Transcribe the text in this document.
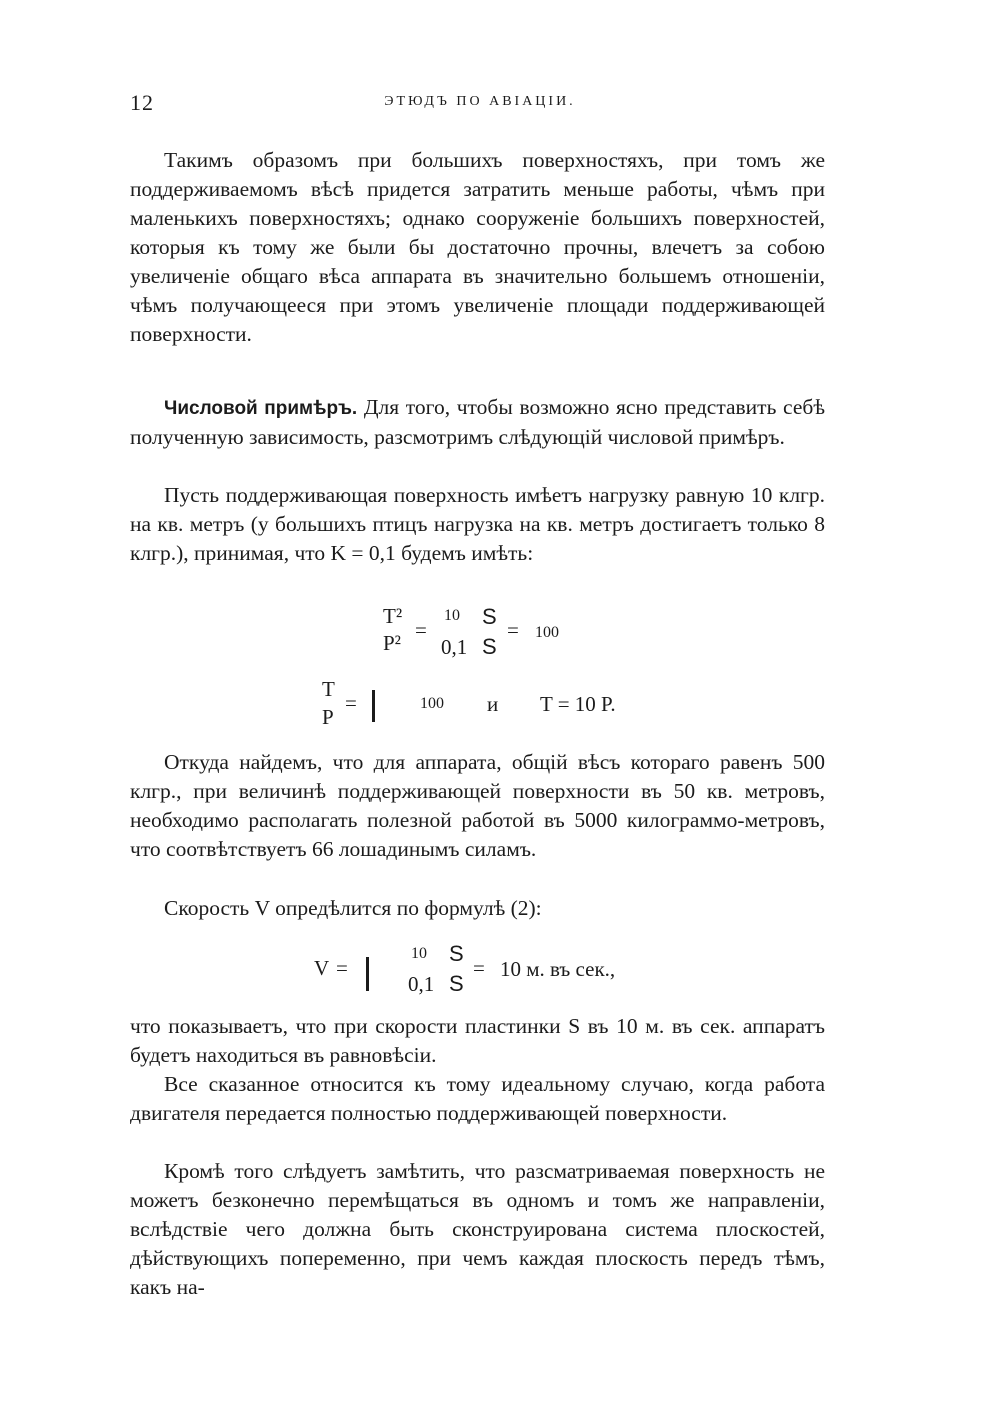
12	ЭТЮДЪ ПО АВІАЦІИ.
Такимъ образомъ при большихъ поверхностяхъ, при томъ же поддерживаемомъ вѣсѣ придется затратить меньше работы, чѣмъ при маленькихъ поверхностяхъ; однако сооруженіе большихъ поверхностей, которыя къ тому же были бы достаточно прочны, влечетъ за собою увеличеніе общаго вѣса аппарата въ значительно большемъ отношеніи, чѣмъ получающееся при этомъ увеличеніе площади поддерживающей поверхности.
Числовой примѣръ. Для того, чтобы возможно ясно представить себѣ полученную зависимость, разсмотримъ слѣдующій числовой примѣръ.
Пусть поддерживающая поверхность имѣетъ нагрузку равную 10 клгр. на кв. метръ (у большихъ птицъ нагрузка на кв. метръ достигаетъ только 8 клгр.), принимая, что K = 0,1 будемъ имѣть:
T²
P²
=
10
0,1
S
S
= 100
T
P
=	100 и T = 10 P.
Откуда найдемъ, что для аппарата, общій вѣсъ котораго равенъ 500 клгр., при величинѣ поддерживающей поверхности въ 50 кв. метровъ, необходимо располагать полезной работой въ 5000 килограммо-метровъ, что соотвѣтствуетъ 66 лошадинымъ силамъ.
Скорость V опредѣлится по формулѣ (2):
V =
10
0,1
S
S
= 10 м. въ сек.,
что показываетъ, что при скорости пластинки S въ 10 м. въ сек. аппаратъ будетъ находиться въ равновѣсіи.
Все сказанное относится къ тому идеальному случаю, когда работа двигателя передается полностью поддерживающей поверхности.
Кромѣ того слѣдуетъ замѣтить, что разсматриваемая поверхность не можетъ безконечно перемѣщаться въ одномъ и томъ же направленіи, вслѣдствіе чего должна быть сконструирована система плоскостей, дѣйствующихъ попеременно, при чемъ каждая плоскость передъ тѣмъ, какъ на-
